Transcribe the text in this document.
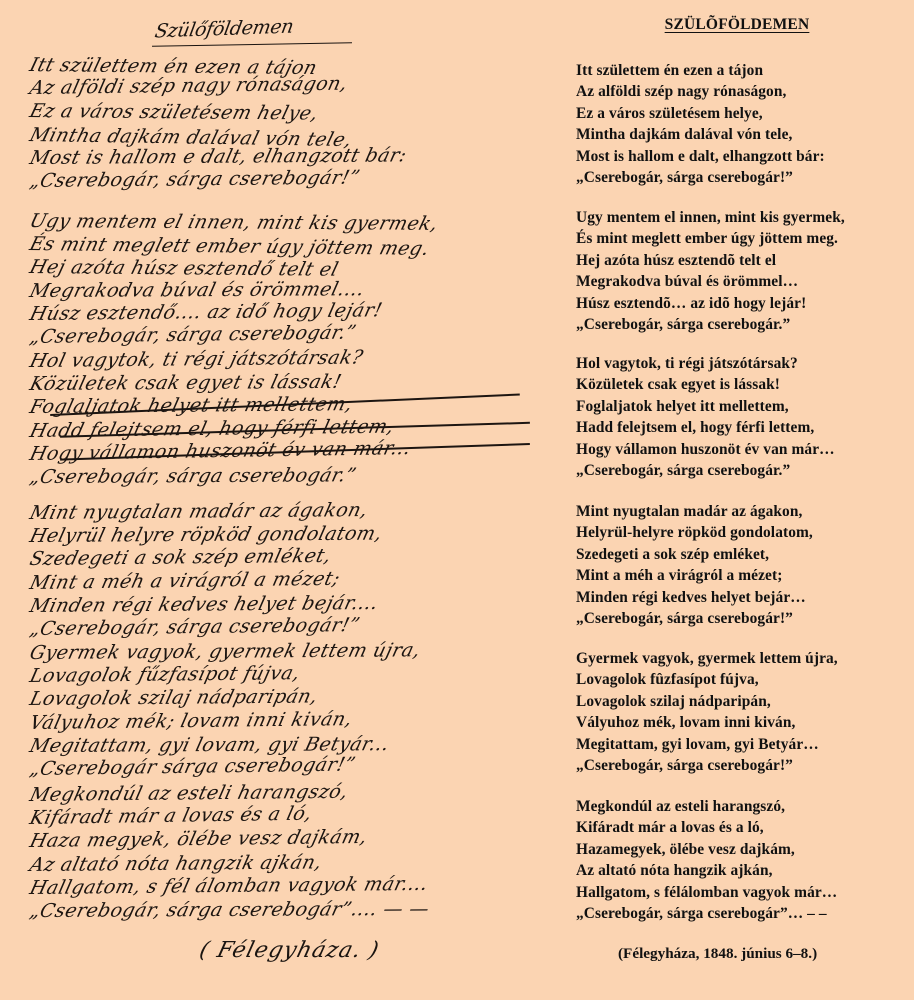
Szülőföldemen
Itt születtem én ezen a tájon
Az alföldi szép nagy rónaságon,
Ez a város születésem helye,
Mintha dajkám dalával vón tele,
Most is hallom e dalt, elhangzott bár:
„Cserebogár, sárga cserebogár!”
Ugy mentem el innen, mint kis gyermek,
És mint meglett ember úgy jöttem meg.
Hej azóta húsz esztendő telt el
Megrakodva búval és örömmel....
Húsz esztendő.... az idő hogy lejár!
„Cserebogár, sárga cserebogár.”
Hol vagytok, ti régi játszótársak?
Közületek csak egyet is lássak!
Foglaljatok helyet itt mellettem,
Hadd felejtsem el, hogy férfi lettem,
Hogy vállamon huszonöt év van már...
„Cserebogár, sárga cserebogár.”
Mint nyugtalan madár az ágakon,
Helyrül helyre röpköd gondolatom,
Szedegeti a sok szép emléket,
Mint a méh a virágról a mézet;
Minden régi kedves helyet bejár....
„Cserebogár, sárga cserebogár!”
Gyermek vagyok, gyermek lettem újra,
Lovagolok fűzfasípot fújva,
Lovagolok szilaj nádparipán,
Vályuhoz mék; lovam inni kiván,
Megitattam, gyi lovam, gyi Betyár...
„Cserebogár sárga cserebogár!”
Megkondúl az esteli harangszó,
Kifáradt már a lovas és a ló,
Haza megyek, ölébe vesz dajkám,
Az altató nóta hangzik ajkán,
Hallgatom, s fél álomban vagyok már....
„Cserebogár, sárga cserebogár”.... — —
( Félegyháza. )
SZÜLÕFÖLDEMEN
Itt születtem én ezen a tájon
Az alföldi szép nagy rónaságon,
Ez a város születésem helye,
Mintha dajkám dalával vón tele,
Most is hallom e dalt, elhangzott bár:
„Cserebogár, sárga cserebogár!”
Ugy mentem el innen, mint kis gyermek,
És mint meglett ember úgy jöttem meg.
Hej azóta húsz esztendõ telt el
Megrakodva búval és örömmel…
Húsz esztendõ… az idõ hogy lejár!
„Cserebogár, sárga cserebogár.”
Hol vagytok, ti régi játszótársak?
Közületek csak egyet is lássak!
Foglaljatok helyet itt mellettem,
Hadd felejtsem el, hogy férfi lettem,
Hogy vállamon huszonöt év van már…
„Cserebogár, sárga cserebogár.”
Mint nyugtalan madár az ágakon,
Helyrül-helyre röpköd gondolatom,
Szedegeti a sok szép emléket,
Mint a méh a virágról a mézet;
Minden régi kedves helyet bejár…
„Cserebogár, sárga cserebogár!”
Gyermek vagyok, gyermek lettem újra,
Lovagolok fûzfasípot fújva,
Lovagolok szilaj nádparipán,
Vályuhoz mék, lovam inni kiván,
Megitattam, gyi lovam, gyi Betyár…
„Cserebogár, sárga cserebogár!”
Megkondúl az esteli harangszó,
Kifáradt már a lovas és a ló,
Hazamegyek, ölébe vesz dajkám,
Az altató nóta hangzik ajkán,
Hallgatom, s félálomban vagyok már…
„Cserebogár, sárga cserebogár”… – –
(Félegyháza, 1848. június 6–8.)
